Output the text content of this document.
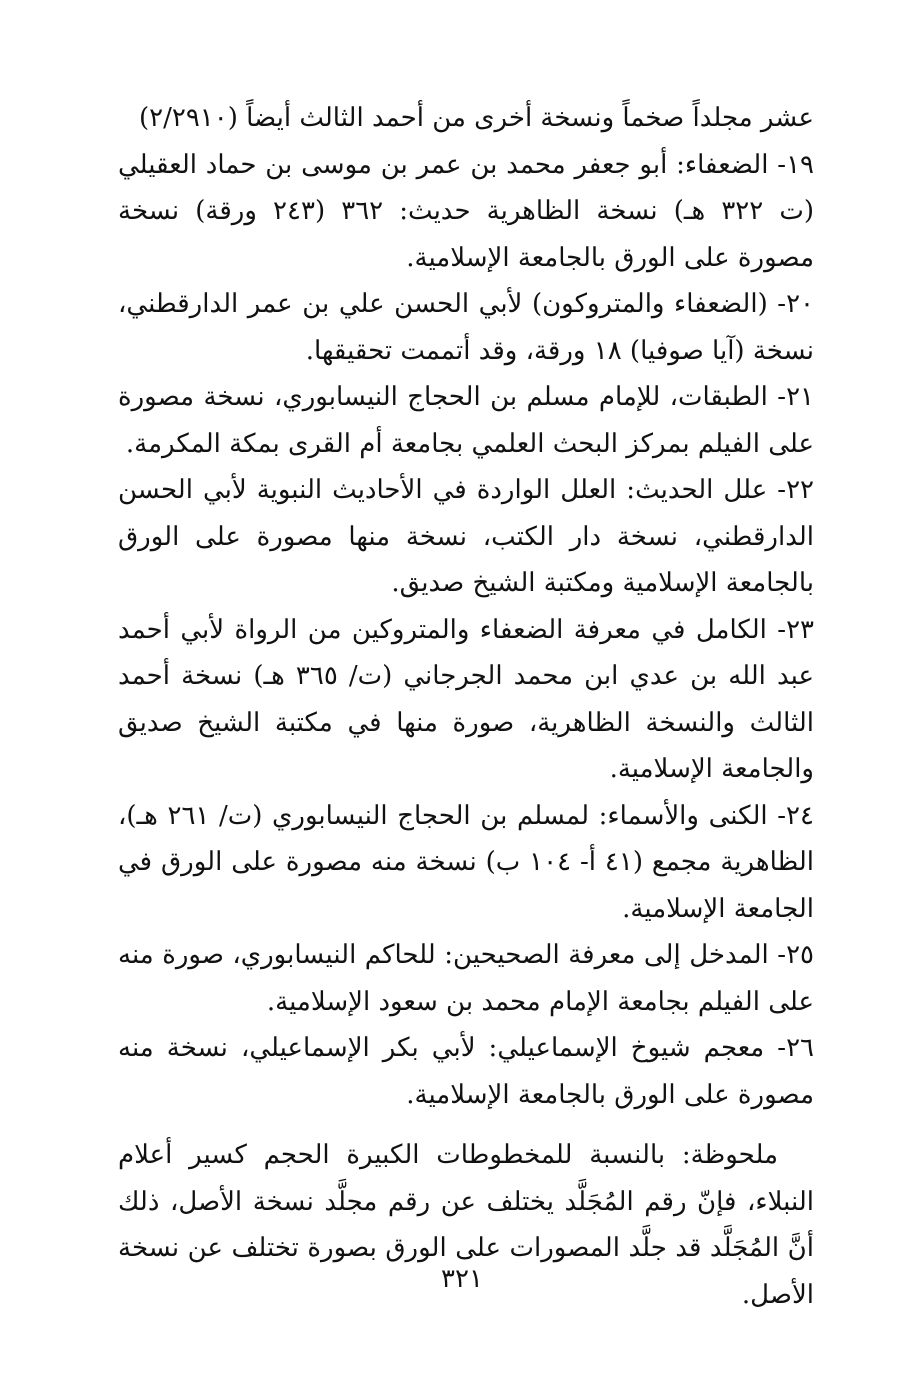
عشر مجلداً صخماً ونسخة أخرى من أحمد الثالث أيضاً (٢/٢٩١٠)

١٩- الضعفاء: أبو جعفر محمد بن عمر بن موسى بن حماد العقيلي (ت ٣٢٢ هـ) نسخة الظاهرية حديث: ٣٦٢ (٢٤٣ ورقة) نسخة مصورة على الورق بالجامعة الإسلامية.

٢٠- (الضعفاء والمتروكون) لأبي الحسن علي بن عمر الدارقطني، نسخة (آيا صوفيا) ١٨ ورقة، وقد أتممت تحقيقها.

٢١- الطبقات، للإمام مسلم بن الحجاج النيسابوري، نسخة مصورة على الفيلم بمركز البحث العلمي بجامعة أم القرى بمكة المكرمة.

٢٢- علل الحديث: العلل الواردة في الأحاديث النبوية لأبي الحسن الدارقطني، نسخة دار الكتب، نسخة منها مصورة على الورق بالجامعة الإسلامية ومكتبة الشيخ صديق.

٢٣- الكامل في معرفة الضعفاء والمتروكين من الرواة لأبي أحمد عبد الله بن عدي ابن محمد الجرجاني (ت/ ٣٦٥ هـ) نسخة أحمد الثالث والنسخة الظاهرية، صورة منها في مكتبة الشيخ صديق والجامعة الإسلامية.

٢٤- الكنى والأسماء: لمسلم بن الحجاج النيسابوري (ت/ ٢٦١ هـ)، الظاهرية مجمع (٤١ أ- ١٠٤ ب) نسخة منه مصورة على الورق في الجامعة الإسلامية.

٢٥- المدخل إلى معرفة الصحيحين: للحاكم النيسابوري، صورة منه على الفيلم بجامعة الإمام محمد بن سعود الإسلامية.

٢٦- معجم شيوخ الإسماعيلي: لأبي بكر الإسماعيلي، نسخة منه مصورة على الورق بالجامعة الإسلامية.

ملحوظة: بالنسبة للمخطوطات الكبيرة الحجم كسير أعلام النبلاء، فإنّ رقم المُجَلَّد يختلف عن رقم مجلَّد نسخة الأصل، ذلك أنَّ المُجَلَّد قد جلَّد المصورات على الورق بصورة تختلف عن نسخة الأصل.

٣٢١
